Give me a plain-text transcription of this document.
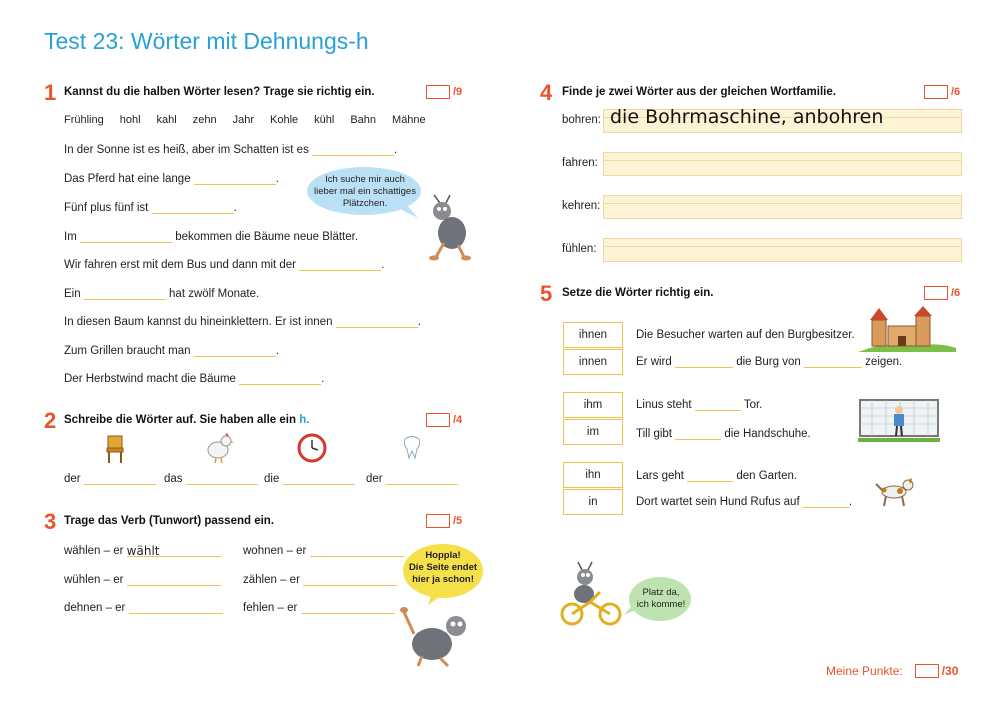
Test 23: Wörter mit Dehnungs-h
1 Kannst du die halben Wörter lesen? Trage sie richtig ein.	/9
Frühling hohl kahl zehn Jahr Kohle kühl Bahn Mähne
In der Sonne ist es heiß, aber im Schatten ist es	.
Das Pferd hat eine lange	.
Fünf plus fünf ist	.
Im	bekommen die Bäume neue Blätter.
Wir fahren erst mit dem Bus und dann mit der	.
Ein	hat zwölf Monate.
In diesen Baum kannst du hineinklettern. Er ist innen	.
Zum Grillen braucht man	.
Der Herbstwind macht die Bäume	.
Ich suche mir auch
lieber mal ein schattiges
Plätzchen.
2 Schreibe die Wörter auf. Sie haben alle ein h.	/4
der	das	die	der
3 Trage das Verb (Tunwort) passend ein.	/5
wählen – er wählt	wohnen – er
wühlen – er	zählen – er
dehnen – er	fehlen – er
Hoppla!
Die Seite endet
hier ja schon!
4 Finde je zwei Wörter aus der gleichen Wortfamilie.	/6
bohren: die Bohrmaschine, anbohren
fahren:
kehren:
fühlen:
5 Setze die Wörter richtig ein.	/6
ihnen
innen
Die Besucher warten auf den Burgbesitzer.
Er wird	die Burg von	zeigen.
ihm
im
Linus steht	Tor.
Till gibt	die Handschuhe.
ihn
in
Lars geht	den Garten.
Dort wartet sein Hund Rufus auf	.
Platz da,
ich komme!
Meine Punkte:	/30
